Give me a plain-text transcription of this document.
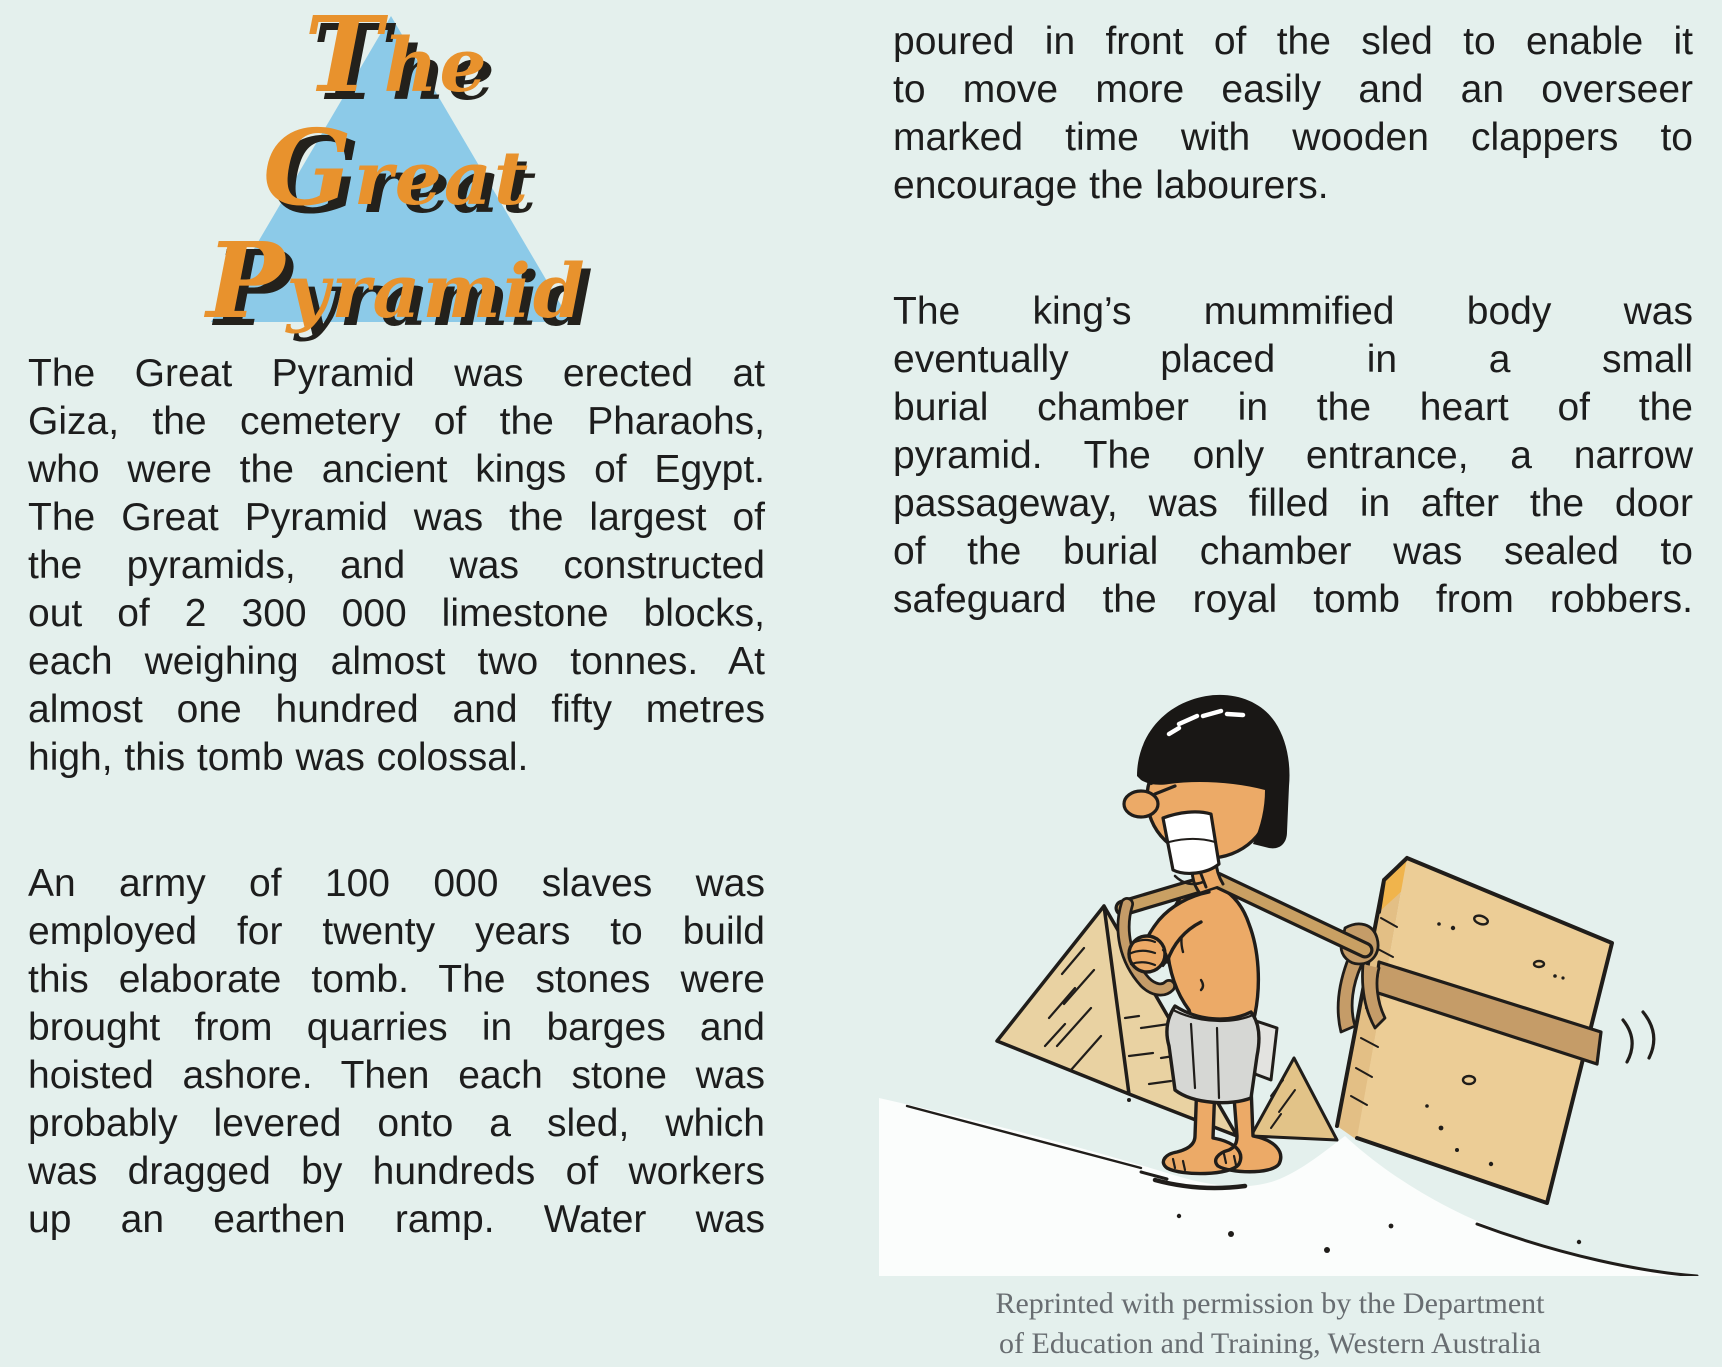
The
Great
Pyramid
The Great Pyramid was erected at
Giza, the cemetery of the Pharaohs,
who were the ancient kings of Egypt.
The Great Pyramid was the largest of
the pyramids, and was constructed
out of 2 300 000 limestone blocks,
each weighing almost two tonnes. At
almost one hundred and fifty metres
high, this tomb was colossal.
An army of 100 000 slaves was
employed for twenty years to build
this elaborate tomb. The stones were
brought from quarries in barges and
hoisted ashore. Then each stone was
probably levered onto a sled, which
was dragged by hundreds of workers
up an earthen ramp. Water was
poured in front of the sled to enable it
to move more easily and an overseer
marked time with wooden clappers to
encourage the labourers.
The king’s mummified body was
eventually placed in a small
burial chamber in the heart of the
pyramid. The only entrance, a narrow
passageway, was filled in after the door
of the burial chamber was sealed to
safeguard the royal tomb from robbers.
Reprinted with permission by the Department
of Education and Training, Western Australia
